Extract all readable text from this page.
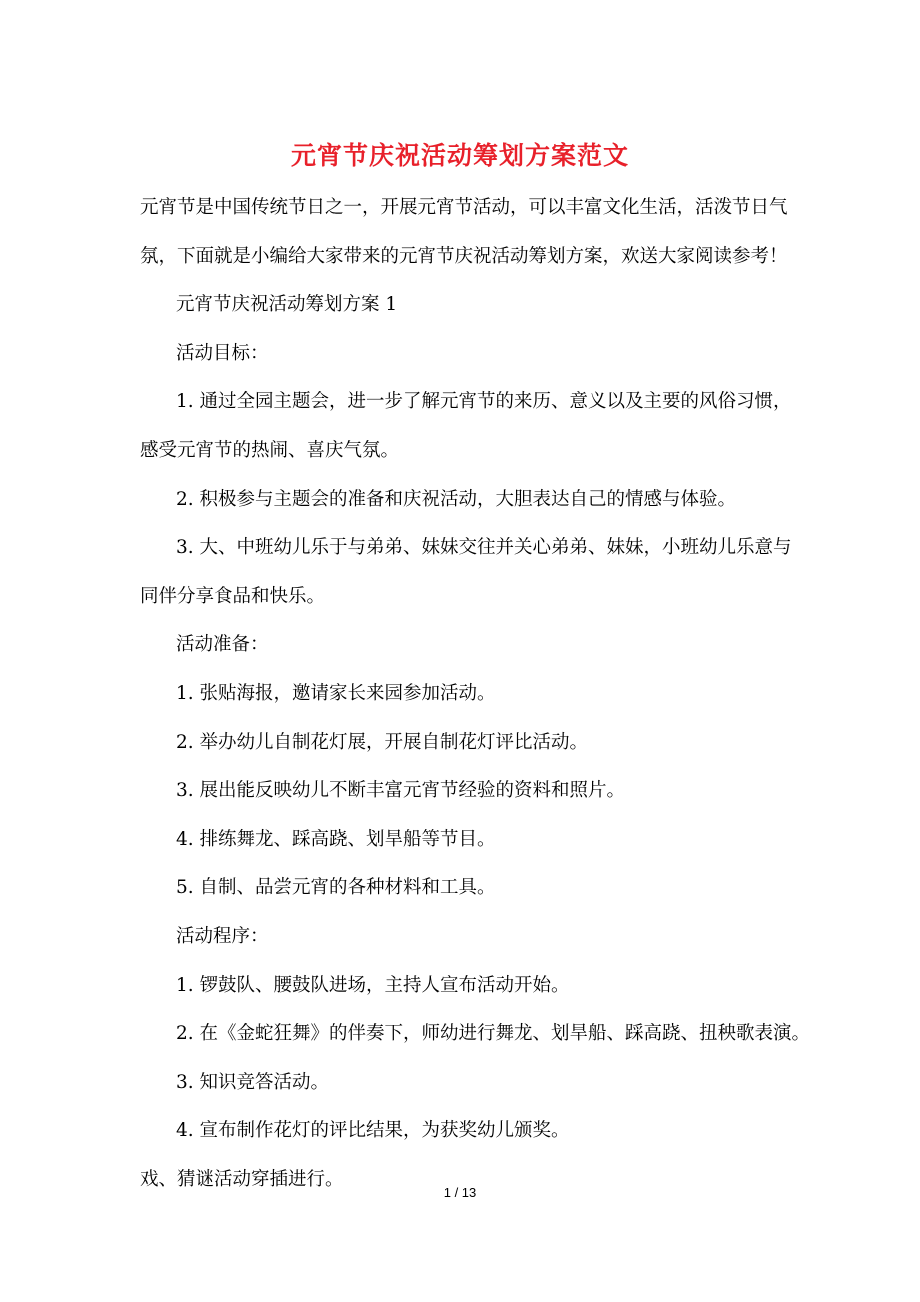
元宵节庆祝活动筹划方案范文

元宵节是中国传统节日之一，开展元宵节活动，可以丰富文化生活，活泼节日气

氛，下面就是小编给大家带来的元宵节庆祝活动筹划方案，欢送大家阅读参考！

元宵节庆祝活动筹划方案 1

活动目标：

1. 通过全园主题会，进一步了解元宵节的来历、意义以及主要的风俗习惯，

感受元宵节的热闹、喜庆气氛。

2. 积极参与主题会的准备和庆祝活动，大胆表达自己的情感与体验。

3. 大、中班幼儿乐于与弟弟、妹妹交往并关心弟弟、妹妹，小班幼儿乐意与

同伴分享食品和快乐。

活动准备：

1. 张贴海报，邀请家长来园参加活动。

2. 举办幼儿自制花灯展，开展自制花灯评比活动。

3. 展出能反映幼儿不断丰富元宵节经验的资料和照片。

4. 排练舞龙、踩高跷、划旱船等节目。

5. 自制、品尝元宵的各种材料和工具。

活动程序：

1. 锣鼓队、腰鼓队进场，主持人宣布活动开始。

2. 在《金蛇狂舞》的伴奏下，师幼进行舞龙、划旱船、踩高跷、扭秧歌表演。

3. 知识竞答活动。

4. 宣布制作花灯的评比结果，为获奖幼儿颁奖。

戏、猜谜活动穿插进行。

1 / 13
